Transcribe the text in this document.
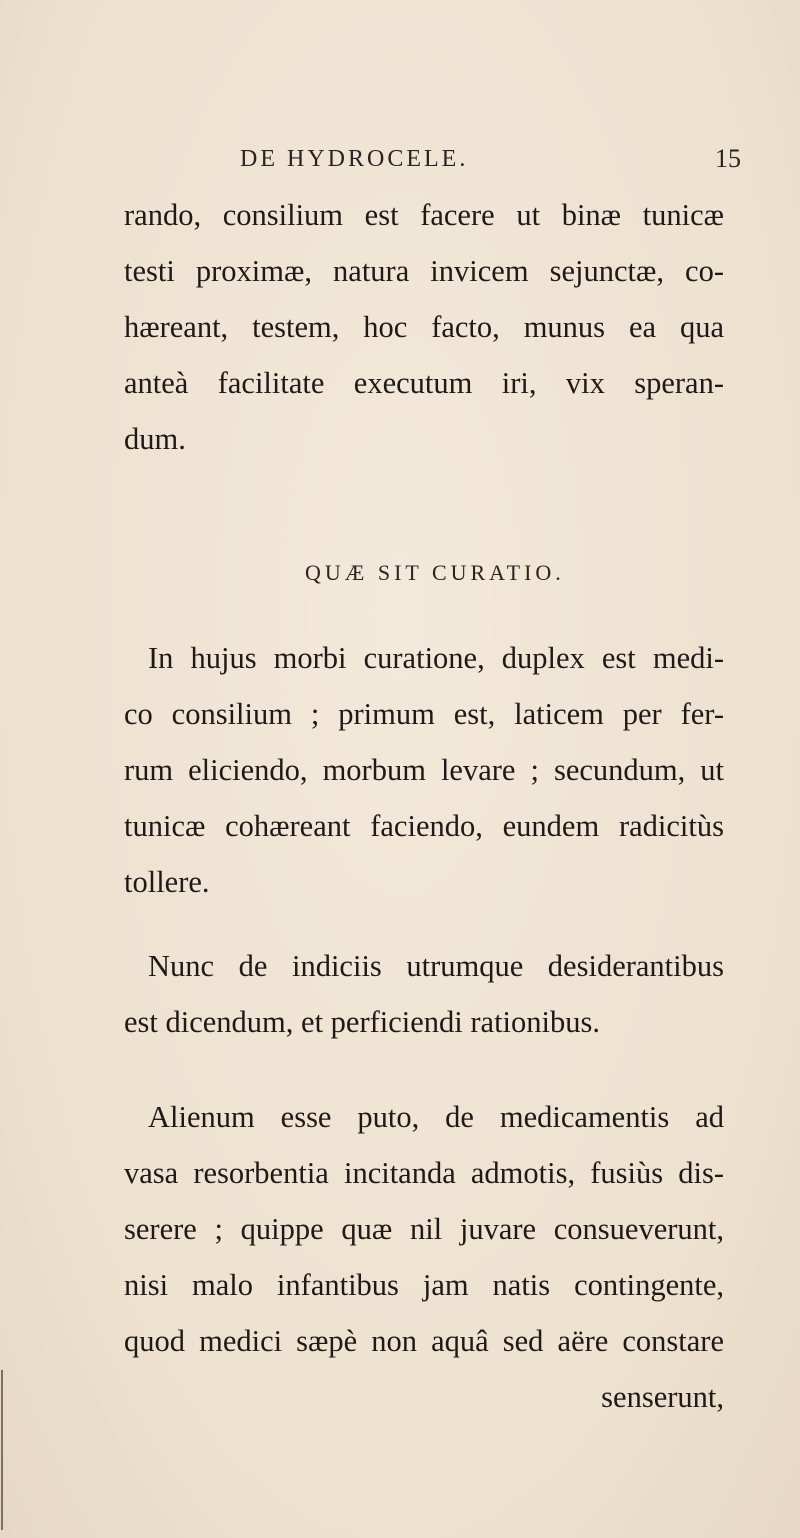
DE HYDROCELE.	15
rando, consilium est facere ut binæ tunicæ
testi proximæ, natura invicem sejunctæ, co-
hæreant, testem, hoc facto, munus ea qua
anteà facilitate executum iri, vix speran-
dum.
QUÆ SIT CURATIO.
In hujus morbi curatione, duplex est medi-
co consilium ; primum est, laticem per fer-
rum eliciendo, morbum levare ; secundum, ut
tunicæ cohæreant faciendo, eundem radicitùs
tollere.
Nunc de indiciis utrumque desiderantibus
est dicendum, et perficiendi rationibus.
Alienum esse puto, de medicamentis ad
vasa resorbentia incitanda admotis, fusiùs dis-
serere ; quippe quæ nil juvare consueverunt,
nisi malo infantibus jam natis contingente,
quod medici sæpè non aquâ sed aëre constare
senserunt,
